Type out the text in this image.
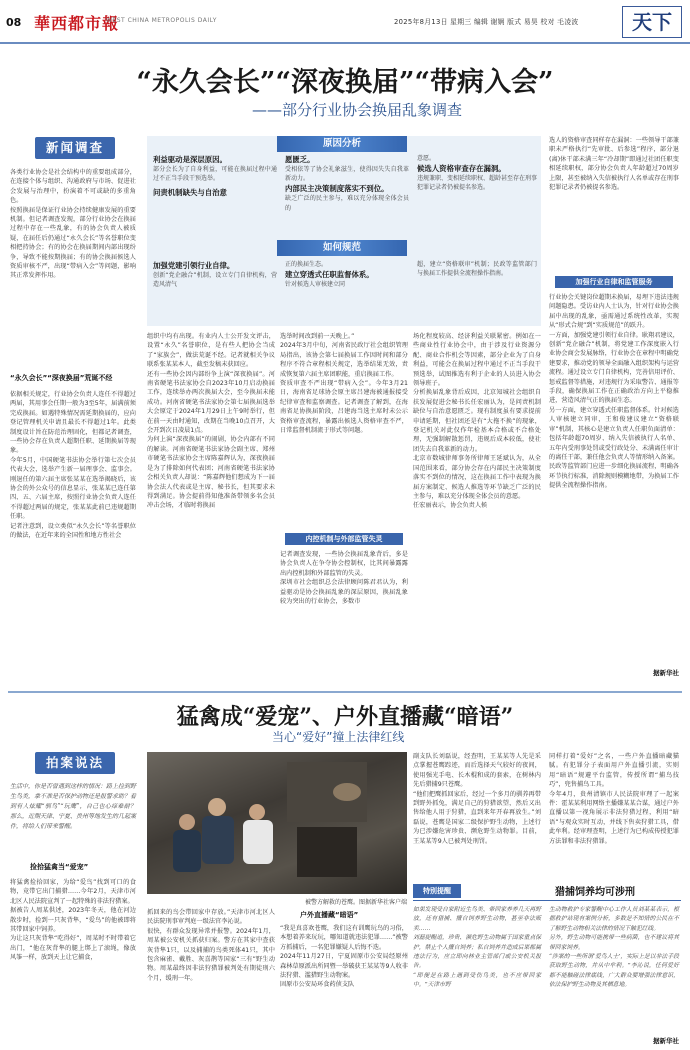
08 華西都市報
WEST CHINA METROPOLIS DAILY	2025年8月13日 星期三 编辑 谢娴 版式 易昊 校对 毛凌波	天下
“永久会长”“深夜换届”“带病入会”
——部分行业协会换届乱象调查
新闻调查
各类行业协会是社会结构中的重要组成部分，在连接个体与组织、沟通政府与市场、促进社会发展与治理中，扮演着不可或缺的多重角色。
按照换届是保证行业协会持续健康发展的重要机制。但记者调查发现，部分行业协会在换届过程中存在一些乱象，有的协会负责人被质疑，在届任后仍通过“永久会长”等名誉职位变相把持协会；有的协会在换届期间内部出现纷争，导致不能按期换届；有的协会换届候选人资质审核不严，出现“带病入会”等问题，影响其正常发挥作用。
“永久会长”“深夜换届”荒诞不经
依据相关规定，行业协会负责人连任不得超过两届，其用事会任期一般为3至5年，届满前须完成换届。如遇特殊情况需延期换届的，应向登记管理机关申请且最长不得超过1年。此类制度设计旨在防范治理固化，但都记者调查，一些协会存在负责人超期任职、延期换届等现象。
今年5月，中国硬笔书法协会举行第七次会员代表大会，选举产生新一届理事会、监事会。刚退任的第六届主席张某某在选举揭晓后，该协会的外公众号的信息显示，张某某已连任第四、五、六届主席，按照行业协会负责人连任不得超过两届的规定，张某某此前已违规超期任职。
记者注意到，设立类似“永久会长”等名誉职位的做法，在近年来的全国性和地方性社会
原因分析
利益驱动是深层原因。
部分会长为了自身利益，可能在换届过程中通过不正当手段干预选举。
问责机制缺失与自治意
愿匮乏。
受相依等了协会礼象滋生，使得因失失自我革新动力。
内部民主决策制度落实不到位。
缺乏广泛的民主参与，难以充分体现全体会员的
意愿。
候选人资格审查存在漏洞。
违规兼职、变相延续职权、超龄甚至存在刑事犯罪记录者仍被提名参选。
如何规范
加强党建引领行业自律。
创新“党企融合”机制，设立专门自律机构，营造风清气
正的换届生态。
建立穿透式任职监督体系。
针对候选人审核建立同
超，建立“资格联审”机制；民政等监管部门与换届工作提供全流程操作指南。
组织中均有出现。有业内人士公开发文评击，设置“永久”名誉职位，是有些人把协会当成了“家族会”，做法荒诞不经。记者就相关争议联系张某某本人，截至发稿未获回应。
还有一些协会因内部纷争上演“深夜换届”。河南省硬笔书法家协会自2023年10月启动换届工作，连续举办两次换届大会，至今换届未能成功。河南省硬笔书法家协会第七届换届选举大会原定于2024年1月29日上午9时举行，但在前一天由时通知，改期在当晚10点召开，大会开到次日凌晨1点。
为何上演“深夜换届”的闹剧，协会内部有不同的解读。河南省硬笔书法家协会副主席、郑州市硬笔书法家协会主席陈嘉辉认为，深夜换届是为了排除如何代表团；河南省硬笔书法家协会相关负责人却说：“陈嘉辉他们想成为下一届协会法人代表或是主席、秘书长，但其要求未得到满足。协会提前得知他准备带领多名会员冲击会场，才临时将换届
选举时间改到前一天晚上。”
2024年3月中旬，河南省民政厅社会组织管理局指出，该协会第七届换届工作因时间和部分程序不符合章程相关规定，选举结果无效，责成恢复第六届主席团职能，重启换届工作。
资质审查不严出现“带病入会”。今年3月21日，海南省足球协会原主席吕建海被通报接受纪律审查和监察调查。记者调查了解到，在海南省足协换届阶段，吕建海当选主席时未公示资格审查流程，暴露出候选人资格审查不严，日常监督机制流于形式等问题。
内控机制与外部监管失灵
记者调查发现，一些协会换届乱象背后，多是协会负责人在争夺协会控制权，比其间暴露露出内控机制和外部监管的失灵。
深圳市社会组织总会法律顾问陈君君认为，利益驱动是协会换届乱象的深层原因，换届乱象较为突出的行业协会，多数市
场化程度较高、经济利益关联紧密。例如在一些商业性行业协会中，由于涉及行业资源分配、商业合作机会等因素，部分企业为了自身利益，可能会在换届过程中通过不正当手段干预选举，试图推选有利于企业的人员进入协会领导班子。
分析换届乱象背后成因，北京知城社会组织自扶发展促进会秘书长任宏丽认为，是问责机制缺位与自治意愿匮乏。现有制度虽有要求提前申请延期，但社团还是有“大拖不换”的现象，登记机关对此仅作年检基本合格或不合格处理，无强制解散惩罚，违规后成本较低，使社团失去自我革新的动力。
北京市数城律师事务所律师王延斌认为，从全国范围来看，部分协会存在内部民主决策制度落实不到位的情况，这在换届工作中表现为换届方案制定、候选人推选等环节缺乏广泛的民主参与，难以充分体现全体会员的意愿。
任宏丽表示，协会负责人候
选人的资格审查同样存在漏洞：一些领导干部兼职未严格执行“先审批、后参选”程序，部分退(离)休干部未满三年“冷却期”即通过社团任职变相延续职权，部分协会负责人年龄超过70周岁上限，甚至被纳入失信被执行人名单或存在刑事犯罪记录者仍被提名参选。
加强行业自律和监管服务
行业协会关键岗位超期未换届，易埋下违法违规问题隐患。受访业内人士认为，针对行业协会换届中出现的乱象，亟需通过系统性改革，实现从“形式合规”到“实质规范”的跃升。
一方面，加强党建引领行业自律。耿翔君建议，创新“党企融合”机制，将党建工作深度嵌入行业协会商会发展脉络，行业协会在章程中明确党建要求，推动党的领导全面融入组织架构与运营流程。通过设立专门自律机构，完善信用评价、惩戒监督等措施，对违规行为采取警告、通报等手段，确保换届工作在正确政治方向上平稳推进，营造风清气正的换届生态。
另一方面，建立穿透式任职监督体系。针对候选人审核建立同审，王和俊建议建立“资格联审”机制，其核心是建立负责人任职负面清单：包括年龄超70周岁、纳入失信被执行人名单、五年内受刑事处罚或受行政处分、未满离任审计的离任干部，兼任他会负责人等情形纳入备案。民政等监管部门应进一步细化换届流程，明确各环节执行标准，消除规则模糊地带，为换届工作提供全流程操作指南。
据新华社
猛禽成“爱宠”、户外直播藏“暗语”
当心“爱好”撞上法律红线
拍案说法
生活中，你是否曾遇到这样的情况：路上捡到野生鸟类，拿不准是否保护动物还是报警求助？看到有人炫耀“驯鸟”“玩鹰”，自己也心痒难耐？那么，近期天津、宁夏、贵州等地发生的几起案件，将给人们带来警醒。
捡拾猛禽当“爱宠”
将猛禽捡拾回家，为给“爱鸟”找到可口的食物，竟带它出门捕猎……今年2月，天津市河北区人民法院宣判了一起特殊的非法狩猎案。
据被告人周某供述，2023年冬天，他在河边散步时，捡到一只灰背隼，“爱鸟”的他被即将其带回家中饲养。
为让这只灰背隼“吃得好”，周某时不时带着它出门，“他在灰背隼的腿上绑上了滚绳，像放风筝一样，放到天上让它捕食，
被警方解救的苍鹰。图据新华社客户端
抓回来的鸟会带回家中存放。”天津市河北区人民法院刑事审判庭一级法官李沁说。
很快，有群众发现异常并报警。2024年1月，周某被公安机关抓获归案。警方在其家中查获灰背隼1只，以及捕捕的鸟类死体41只，其中包含麻雀、戴胜、灰喜鹊等国家“三有”野生动物。周某最终因非法狩猎罪被判处有期徒刑六个月，缓刑一年。
户外直播藏“暗语”
“我是真喜欢苍鹰，我们这有训鹰玩鸟的习俗，本想着养来玩玩，哪知道就违法犯罪……”被警方抓捕后，一名犯罪嫌疑人后悔不迭。
2024年11月27日，宁夏固原市公安局经原州森林草原派出所同暨一举破获王某某等9人收非法狩猎、滥猎野生动物案。
固原市公安局环食药侦支队
副支队长刘磊说，经查明，王某某等人先是采点掌握苍鹰踪迹，而后选择天气较好的夜间，使用强光手电、长木棍和成的套索，在树林内先后猎捕9只苍鹰。
“他们把鹰抓回家后，经过一个多月的驯养再带到野外抓兔，满足自己的狩猎欲望，然后又出售给他人用于狩猎，直到来年开春再放生。”刘磊说，苍鹰是国家二级保护野生动物，上述行为已涉嫌危害珍贵、濒危野生动物罪。目前，王某某等9人已被判处刑罚。
同样打着“爱好”之名，一些户外直播暗藏猫腻。有犯罪分子表面用户外直播引流，实则用“暗语”规避平台监管，传授所谓“捕鸟技巧”，兜售捕鸟工具。
今年4月，贵州清镇市人民法院审理了一起案件：霍某某利用网络主播嫌某某合谋，通过户外直播以第一视角展示非法狩猎过程，利用“暗语”与观众实时互动，并线下售卖狩猎工具，借此牟利。经审理查明，上述行为已构成传授犯罪方法罪和非法狩猎罪。
特别提醒	猎捕饲养均可涉刑
如果发现受自家附近生鸟类、带回家养养几天再野放，还有猎捕、擅自饲养野生动物，甚至非法贩卖……
刘磊提醒道，珍贵、濒危野生动物属于国家重点保护，禁止个人擅自饲养；私自饲养并造成后果都属违法行为，应立即向林业主管部门或公安机关报告。
“即便是在路上遇到受伤鸟类，也不应带回家中。”天津市野
生动物救护专家警醒中心工作人员刘某某表示，根据救护站现有案例分析，多数是不知情的公民在不了解野生动物相关法律的情况下触犯红线。
另外，野生动物可能携带一些病菌，也不建议将其带回家饲养。
“涉案的一些所谓‘爱鸟人士’，实际上是以非法手段获取野生动物，并从中牟利。”李沁说，任何爱好都不能触碰法律底线，广大群众要增强法律意识，依法保护野生动物及其栖息地。
据新华社
